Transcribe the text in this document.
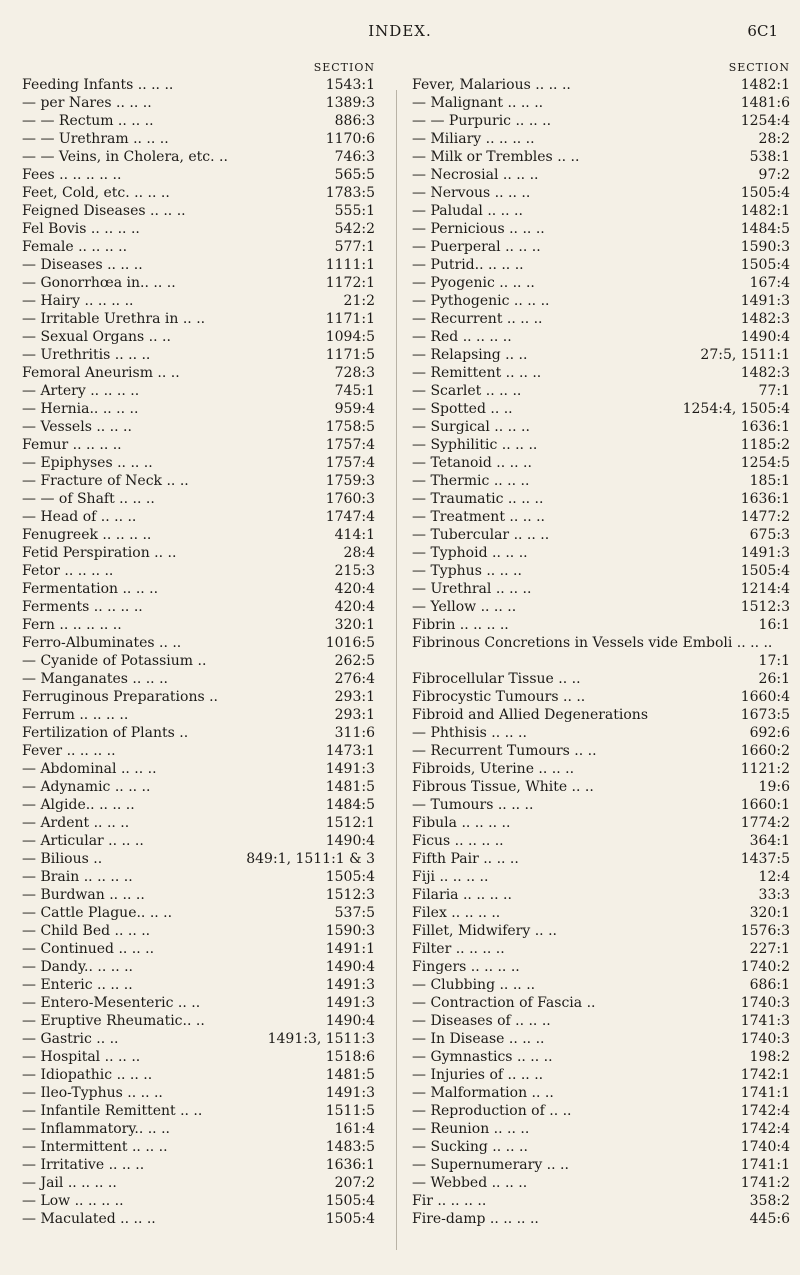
INDEX.	6C1
SECTION
Feeding Infants .. .. ..	1543:1
— per Nares .. .. ..	1389:3
— — Rectum .. .. ..	886:3
— — Urethram .. .. ..	1170:6
— — Veins, in Cholera, etc. ..	746:3
Fees .. .. .. .. ..	565:5
Feet, Cold, etc. .. .. ..	1783:5
Feigned Diseases .. .. ..	555:1
Fel Bovis .. .. .. ..	542:2
Female .. .. .. ..	577:1
— Diseases .. .. ..	1111:1
— Gonorrhœa in.. .. ..	1172:1
— Hairy .. .. .. ..	21:2
— Irritable Urethra in .. ..	1171:1
— Sexual Organs .. ..	1094:5
— Urethritis .. .. ..	1171:5
Femoral Aneurism .. ..	728:3
— Artery .. .. .. ..	745:1
— Hernia.. .. .. ..	959:4
— Vessels .. .. ..	1758:5
Femur .. .. .. ..	1757:4
— Epiphyses .. .. ..	1757:4
— Fracture of Neck .. ..	1759:3
— — of Shaft .. .. ..	1760:3
— Head of .. .. ..	1747:4
Fenugreek .. .. .. ..	414:1
Fetid Perspiration .. ..	28:4
Fetor .. .. .. ..	215:3
Fermentation .. .. ..	420:4
Ferments .. .. .. ..	420:4
Fern .. .. .. .. ..	320:1
Ferro-Albuminates .. ..	1016:5
— Cyanide of Potassium ..	262:5
— Manganates .. .. ..	276:4
Ferruginous Preparations ..	293:1
Ferrum .. .. .. ..	293:1
Fertilization of Plants ..	311:6
Fever .. .. .. ..	1473:1
— Abdominal .. .. ..	1491:3
— Adynamic .. .. ..	1481:5
— Algide.. .. .. ..	1484:5
— Ardent .. .. ..	1512:1
— Articular .. .. ..	1490:4
— Bilious ..	849:1, 1511:1 & 3
— Brain .. .. .. ..	1505:4
— Burdwan .. .. ..	1512:3
— Cattle Plague.. .. ..	537:5
— Child Bed .. .. ..	1590:3
— Continued .. .. ..	1491:1
— Dandy.. .. .. ..	1490:4
— Enteric .. .. ..	1491:3
— Entero-Mesenteric .. ..	1491:3
— Eruptive Rheumatic.. ..	1490:4
— Gastric .. ..	1491:3, 1511:3
— Hospital .. .. ..	1518:6
— Idiopathic .. .. ..	1481:5
— Ileo-Typhus .. .. ..	1491:3
— Infantile Remittent .. ..	1511:5
— Inflammatory.. .. ..	161:4
— Intermittent .. .. ..	1483:5
— Irritative .. .. ..	1636:1
— Jail .. .. .. ..	207:2
— Low .. .. .. ..	1505:4
— Maculated .. .. ..	1505:4
SECTION
Fever, Malarious .. .. ..	1482:1
— Malignant .. .. ..	1481:6
— — Purpuric .. .. ..	1254:4
— Miliary .. .. .. ..	28:2
— Milk or Trembles .. ..	538:1
— Necrosial .. .. ..	97:2
— Nervous .. .. ..	1505:4
— Paludal .. .. ..	1482:1
— Pernicious .. .. ..	1484:5
— Puerperal .. .. ..	1590:3
— Putrid.. .. .. ..	1505:4
— Pyogenic .. .. ..	167:4
— Pythogenic .. .. ..	1491:3
— Recurrent .. .. ..	1482:3
— Red .. .. .. ..	1490:4
— Relapsing .. ..	27:5, 1511:1
— Remittent .. .. ..	1482:3
— Scarlet .. .. ..	77:1
— Spotted .. ..	1254:4, 1505:4
— Surgical .. .. ..	1636:1
— Syphilitic .. .. ..	1185:2
— Tetanoid .. .. ..	1254:5
— Thermic .. .. ..	185:1
— Traumatic .. .. ..	1636:1
— Treatment .. .. ..	1477:2
— Tubercular .. .. ..	675:3
— Typhoid .. .. ..	1491:3
— Typhus .. .. ..	1505:4
— Urethral .. .. ..	1214:4
— Yellow .. .. ..	1512:3
Fibrin .. .. .. ..	16:1
Fibrinous Concretions in Vessels vide Emboli .. .. ..
17:1
Fibrocellular Tissue .. ..	26:1
Fibrocystic Tumours .. ..	1660:4
Fibroid and Allied Degenerations	1673:5
— Phthisis .. .. ..	692:6
— Recurrent Tumours .. ..	1660:2
Fibroids, Uterine .. .. ..	1121:2
Fibrous Tissue, White .. ..	19:6
— Tumours .. .. ..	1660:1
Fibula .. .. .. ..	1774:2
Ficus .. .. .. ..	364:1
Fifth Pair .. .. ..	1437:5
Fiji .. .. .. ..	12:4
Filaria .. .. .. ..	33:3
Filex .. .. .. ..	320:1
Fillet, Midwifery .. ..	1576:3
Filter .. .. .. ..	227:1
Fingers .. .. .. ..	1740:2
— Clubbing .. .. ..	686:1
— Contraction of Fascia ..	1740:3
— Diseases of .. .. ..	1741:3
— In Disease .. .. ..	1740:3
— Gymnastics .. .. ..	198:2
— Injuries of .. .. ..	1742:1
— Malformation .. ..	1741:1
— Reproduction of .. ..	1742:4
— Reunion .. .. ..	1742:4
— Sucking .. .. ..	1740:4
— Supernumerary .. ..	1741:1
— Webbed .. .. ..	1741:2
Fir .. .. .. ..	358:2
Fire-damp .. .. .. ..	445:6
